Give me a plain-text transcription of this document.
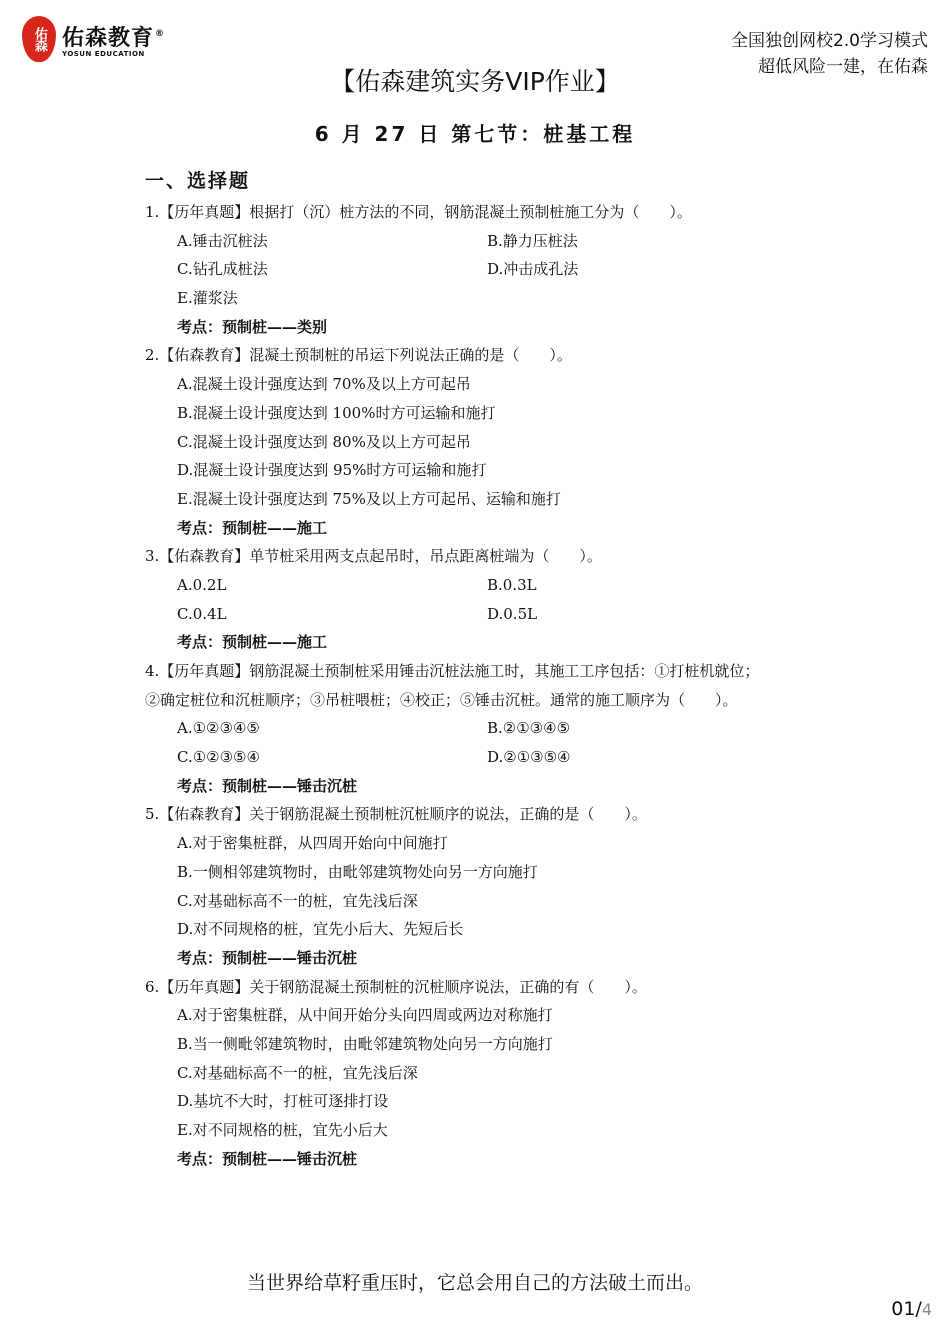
佑森 佑森教育®
YOSUN EDUCATION
全国独创网校2.0学习模式
超低风险一建，在佑森
【佑森建筑实务VIP作业】
6 月 27 日 第七节：桩基工程
一、选择题
1.【历年真题】根据打（沉）桩方法的不同，钢筋混凝土预制桩施工分为（　　）。
A.锤击沉桩法	B.静力压桩法
C.钻孔成桩法	D.冲击成孔法
E.灌浆法
考点：预制桩——类别
2.【佑森教育】混凝土预制桩的吊运下列说法正确的是（　　）。
A.混凝土设计强度达到 70%及以上方可起吊
B.混凝土设计强度达到 100%时方可运输和施打
C.混凝土设计强度达到 80%及以上方可起吊
D.混凝土设计强度达到 95%时方可运输和施打
E.混凝土设计强度达到 75%及以上方可起吊、运输和施打
考点：预制桩——施工
3.【佑森教育】单节桩采用两支点起吊时，吊点距离桩端为（　　）。
A.0.2L	B.0.3L
C.0.4L	D.0.5L
考点：预制桩——施工
4.【历年真题】钢筋混凝土预制桩采用锤击沉桩法施工时，其施工工序包括：①打桩机就位；
②确定桩位和沉桩顺序；③吊桩喂桩；④校正；⑤锤击沉桩。通常的施工顺序为（　　）。
A.①②③④⑤	B.②①③④⑤
C.①②③⑤④	D.②①③⑤④
考点：预制桩——锤击沉桩
5.【佑森教育】关于钢筋混凝土预制桩沉桩顺序的说法，正确的是（　　）。
A.对于密集桩群，从四周开始向中间施打
B.一侧相邻建筑物时，由毗邻建筑物处向另一方向施打
C.对基础标高不一的桩，宜先浅后深
D.对不同规格的桩，宜先小后大、先短后长
考点：预制桩——锤击沉桩
6.【历年真题】关于钢筋混凝土预制桩的沉桩顺序说法，正确的有（　　）。
A.对于密集桩群，从中间开始分头向四周或两边对称施打
B.当一侧毗邻建筑物时，由毗邻建筑物处向另一方向施打
C.对基础标高不一的桩，宜先浅后深
D.基坑不大时，打桩可逐排打设
E.对不同规格的桩，宜先小后大
考点：预制桩——锤击沉桩
当世界给草籽重压时，它总会用自己的方法破土而出。
01/4
